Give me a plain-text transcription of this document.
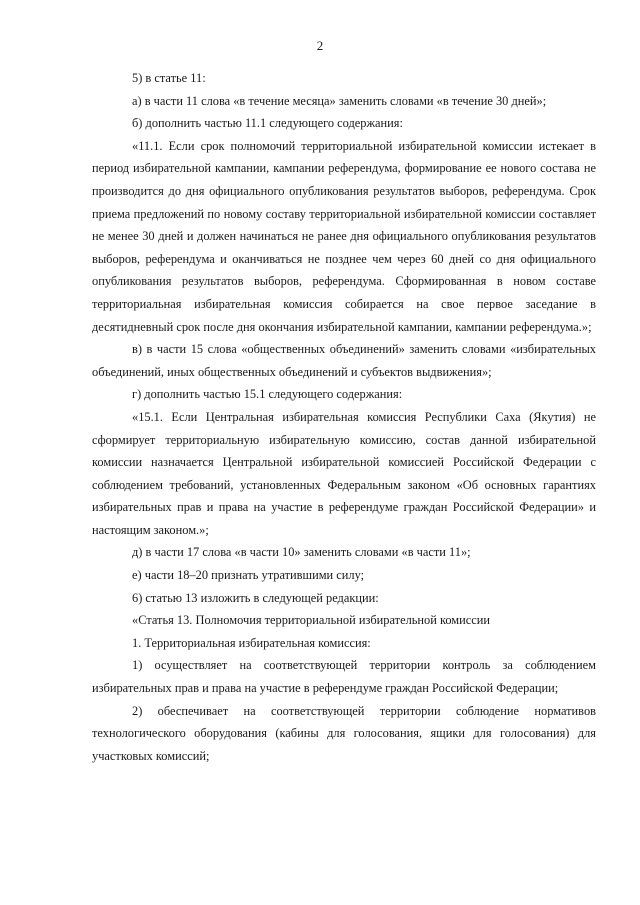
2

5) в статье 11:

а) в части 11 слова «в течение месяца» заменить словами «в течение 30 дней»;

б) дополнить частью 11.1 следующего содержания:

«11.1. Если срок полномочий территориальной избирательной комиссии истекает в период избирательной кампании, кампании референдума, формирование ее нового состава не производится до дня официального опубликования результатов выборов, референдума. Срок приема предложений по новому составу территориальной избирательной комиссии составляет не менее 30 дней и должен начинаться не ранее дня официального опубликования результатов выборов, референдума и оканчиваться не позднее чем через 60 дней со дня официального опубликования результатов выборов, референдума. Сформированная в новом составе территориальная избирательная комиссия собирается на свое первое заседание в десятидневный срок после дня окончания избирательной кампании, кампании референдума.»;

в) в части 15 слова «общественных объединений» заменить словами «избирательных объединений, иных общественных объединений и субъектов выдвижения»;

г) дополнить частью 15.1 следующего содержания:

«15.1. Если Центральная избирательная комиссия Республики Саха (Якутия) не сформирует территориальную избирательную комиссию, состав данной избирательной комиссии назначается Центральной избирательной комиссией Российской Федерации с соблюдением требований, установленных Федеральным законом «Об основных гарантиях избирательных прав и права на участие в референдуме граждан Российской Федерации» и настоящим законом.»;

д) в части 17 слова «в части 10» заменить словами «в части 11»;

е) части 18–20 признать утратившими силу;

6) статью 13 изложить в следующей редакции:

«Статья 13. Полномочия территориальной избирательной комиссии

1. Территориальная избирательная комиссия:

1) осуществляет на соответствующей территории контроль за соблюдением избирательных прав и права на участие в референдуме граждан Российской Федерации;

2) обеспечивает на соответствующей территории соблюдение нормативов технологического оборудования (кабины для голосования, ящики для голосования) для участковых комиссий;
